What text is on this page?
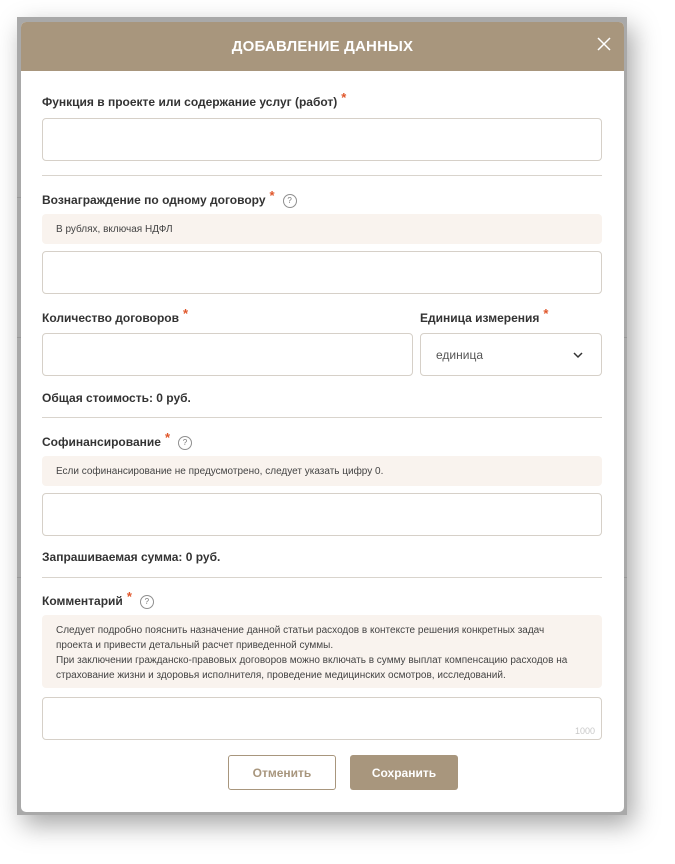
ДОБАВЛЕНИЕ ДАННЫХ
Функция в проекте или содержание услуг (работ) *
Вознаграждение по одному договору *	?
В рублях, включая НДФЛ
Количество договоров *	Единица измерения *
единица
Общая стоимость: 0 руб.
Софинансирование *	?
Если софинансирование не предусмотрено, следует указать цифру 0.
Запрашиваемая сумма: 0 руб.
Комментарий *	?
Следует подробно пояснить назначение данной статьи расходов в контексте решения конкретных задач
проекта и привести детальный расчет приведенной суммы.
При заключении гражданско-правовых договоров можно включать в сумму выплат компенсацию расходов на
страхование жизни и здоровья исполнителя, проведение медицинских осмотров, исследований.
1000
Отменить	Сохранить
